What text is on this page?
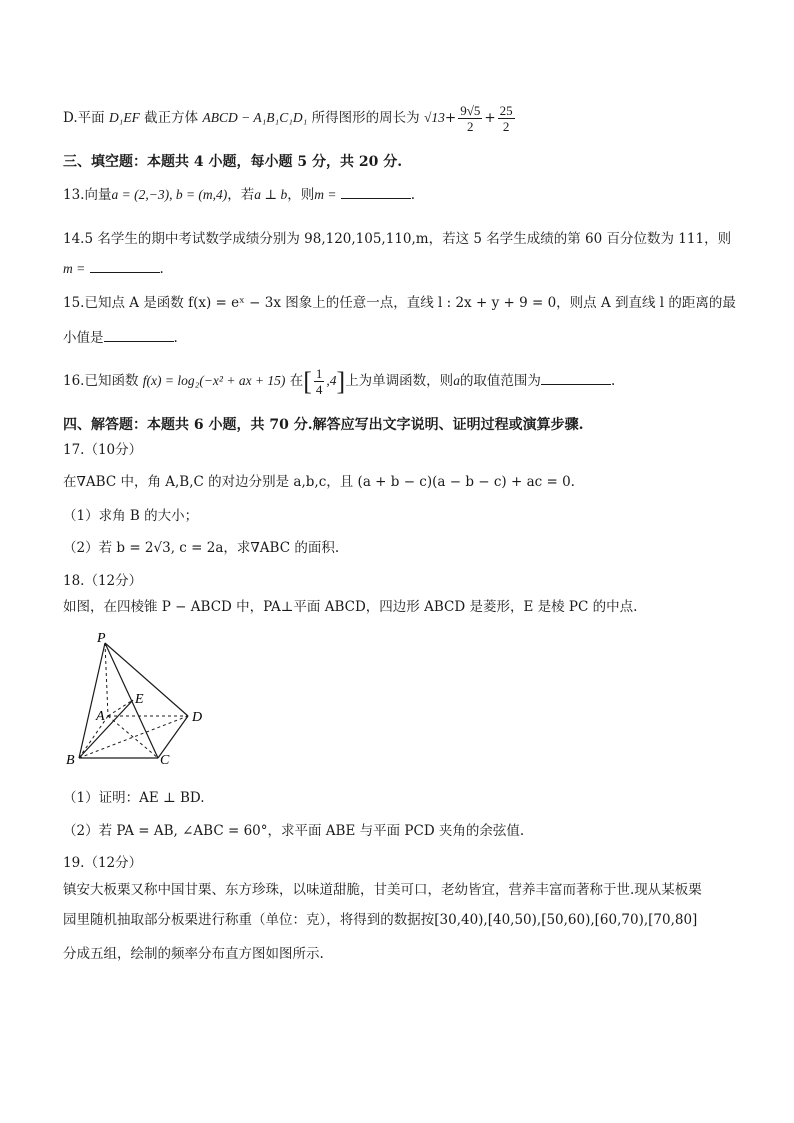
D.平面 D₁EF 截正方体 ABCD − A₁B₁C₁D₁ 所得图形的周长为 $√13+ \frac{9√5}{2} + \frac{25}{2}$
三、填空题：本题共 4 小题，每小题 5 分，共 20 分.
13.向量a = (2,−3), b = (m,4)，若a ⊥ b，则m =	.
14.5 名学生的期中考试数学成绩分别为 98,120,105,110,m，若这 5 名学生成绩的第 60 百分位数为 111，则
m =	.
15.已知点 A 是函数 f(x) = eˣ − 3x 图象上的任意一点，直线 l : 2x + y + 9 = 0，则点 A 到直线 l 的距离的最
小值是	.
16.已知函数 f(x) = log₂(−x² + ax + 15) 在[ $\frac{1}{4} ,4$]上为单调函数，则a的取值范围为	.
四、解答题：本题共 6 小题，共 70 分.解答应写出文字说明、证明过程或演算步骤.
17.（10分）
在∇ABC 中，角 A,B,C 的对边分别是 a,b,c，且 (a + b − c)(a − b − c) + ac = 0.
（1）求角 B 的大小；
（2）若 b = 2√3, c = 2a，求∇ABC 的面积.
18.（12分）
如图，在四棱锥 P − ABCD 中，PA⊥平面 ABCD，四边形 ABCD 是菱形，E 是棱 PC 的中点.
P
A
E
D
B	C
（1）证明：AE ⊥ BD.
（2）若 PA = AB, ∠ABC = 60°，求平面 ABE 与平面 PCD 夹角的余弦值.
19.（12分）
镇安大板栗又称中国甘栗、东方珍珠，以味道甜脆，甘美可口，老幼皆宜，营养丰富而著称于世.现从某板栗
园里随机抽取部分板栗进行称重（单位：克），将得到的数据按[30,40),[40,50),[50,60),[60,70),[70,80]
分成五组，绘制的频率分布直方图如图所示.
